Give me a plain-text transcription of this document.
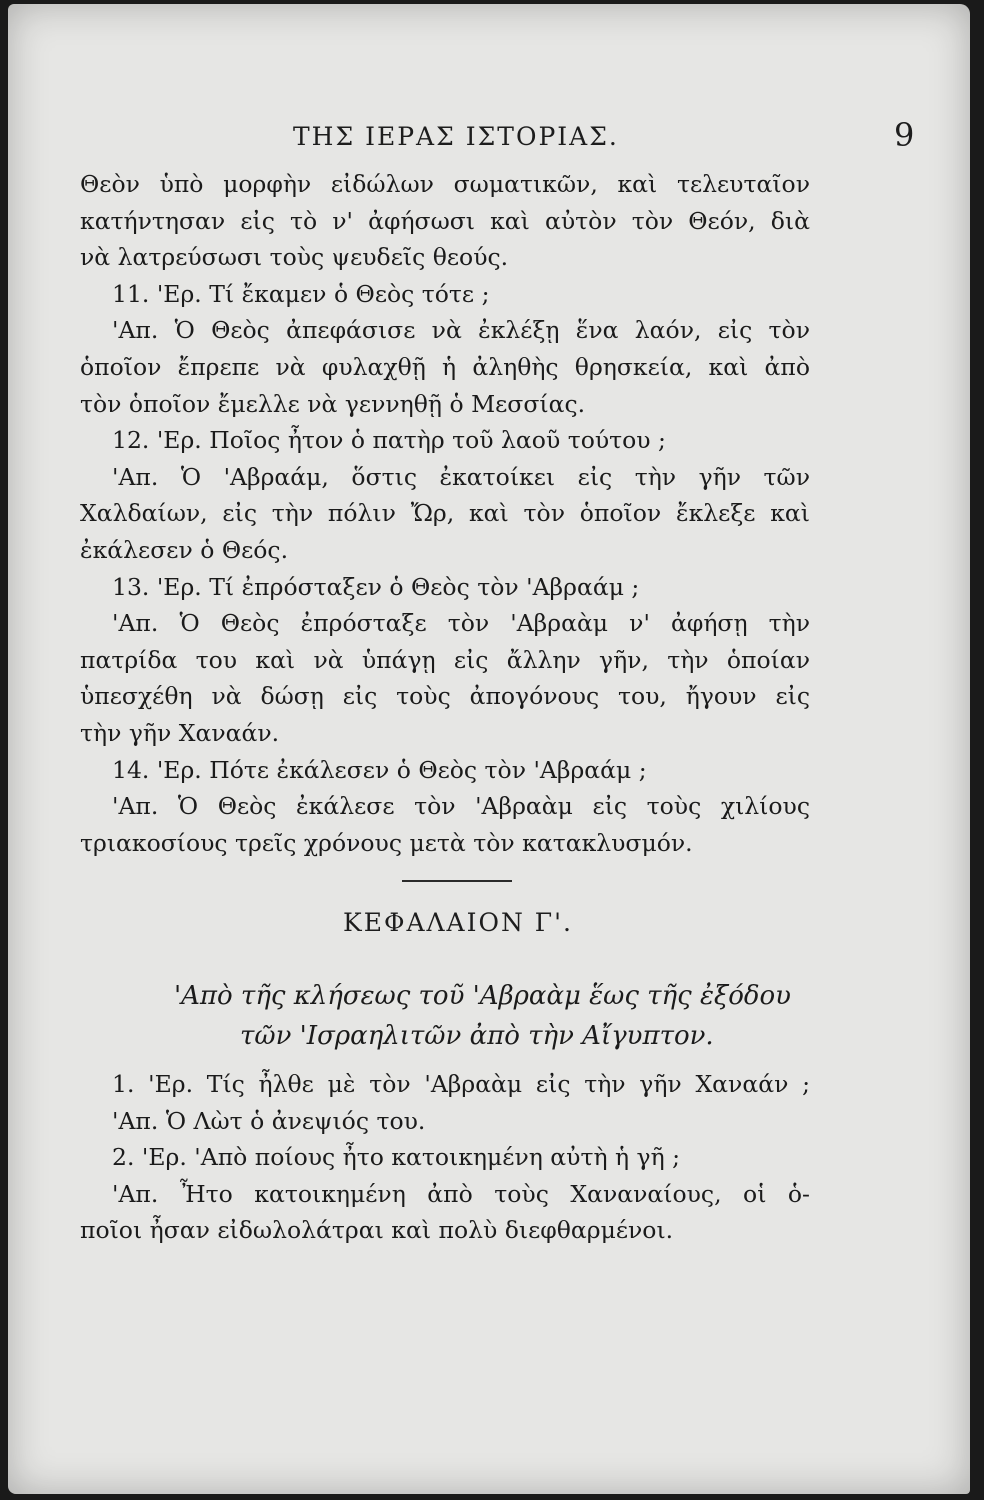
ΤΗΣ ΙΕΡΑΣ ΙΣΤΟΡΙΑΣ.	9
Θεὸν ὑπὸ μορφὴν εἰδώλων σωματικῶν, καὶ τελευταῖον
κατήντησαν εἰς τὸ ν' ἀφήσωσι καὶ αὐτὸν τὸν Θεόν, διὰ
νὰ λατρεύσωσι τοὺς ψευδεῖς θεούς.
11. 'Ερ. Τί ἔκαμεν ὁ Θεὸς τότε ;
'Απ. Ὁ Θεὸς ἀπεφάσισε νὰ ἐκλέξῃ ἕνα λαόν, εἰς τὸν
ὁποῖον ἔπρεπε νὰ φυλαχθῇ ἡ ἀληθὴς θρησκεία, καὶ ἀπὸ
τὸν ὁποῖον ἔμελλε νὰ γεννηθῇ ὁ Μεσσίας.
12. 'Ερ. Ποῖος ἦτον ὁ πατὴρ τοῦ λαοῦ τούτου ;
'Απ. Ὁ 'Αβραάμ, ὅστις ἐκατοίκει εἰς τὴν γῆν τῶν
Χαλδαίων, εἰς τὴν πόλιν Ὤρ, καὶ τὸν ὁποῖον ἔκλεξε καὶ
ἐκάλεσεν ὁ Θεός.
13. 'Ερ. Τί ἐπρόσταξεν ὁ Θεὸς τὸν 'Αβραάμ ;
'Απ. Ὁ Θεὸς ἐπρόσταξε τὸν 'Αβραὰμ ν' ἀφήσῃ τὴν
πατρίδα του καὶ νὰ ὑπάγῃ εἰς ἄλλην γῆν, τὴν ὁποίαν
ὑπεσχέθη νὰ δώσῃ εἰς τοὺς ἀπογόνους του, ἤγουν εἰς
τὴν γῆν Χαναάν.
14. 'Ερ. Πότε ἐκάλεσεν ὁ Θεὸς τὸν 'Αβραάμ ;
'Απ. Ὁ Θεὸς ἐκάλεσε τὸν 'Αβραὰμ εἰς τοὺς χιλίους
τριακοσίους τρεῖς χρόνους μετὰ τὸν κατακλυσμόν.
ΚΕΦΑΛΑΙΟΝ Γ'.
'Απὸ τῆς κλήσεως τοῦ 'Αβραὰμ ἕως τῆς ἐξόδου
τῶν 'Ισραηλιτῶν ἀπὸ τὴν Αἴγυπτον.
1. 'Ερ. Τίς ἦλθε μὲ τὸν 'Αβραὰμ εἰς τὴν γῆν Χαναάν ;
'Απ. Ὁ Λὼτ ὁ ἀνεψιός του.
2. 'Ερ. 'Απὸ ποίους ἦτο κατοικημένη αὐτὴ ἡ γῆ ;
'Απ. Ἦτο κατοικημένη ἀπὸ τοὺς Χαναναίους, οἱ ὁ-
ποῖοι ἦσαν εἰδωλολάτραι καὶ πολὺ διεφθαρμένοι.
